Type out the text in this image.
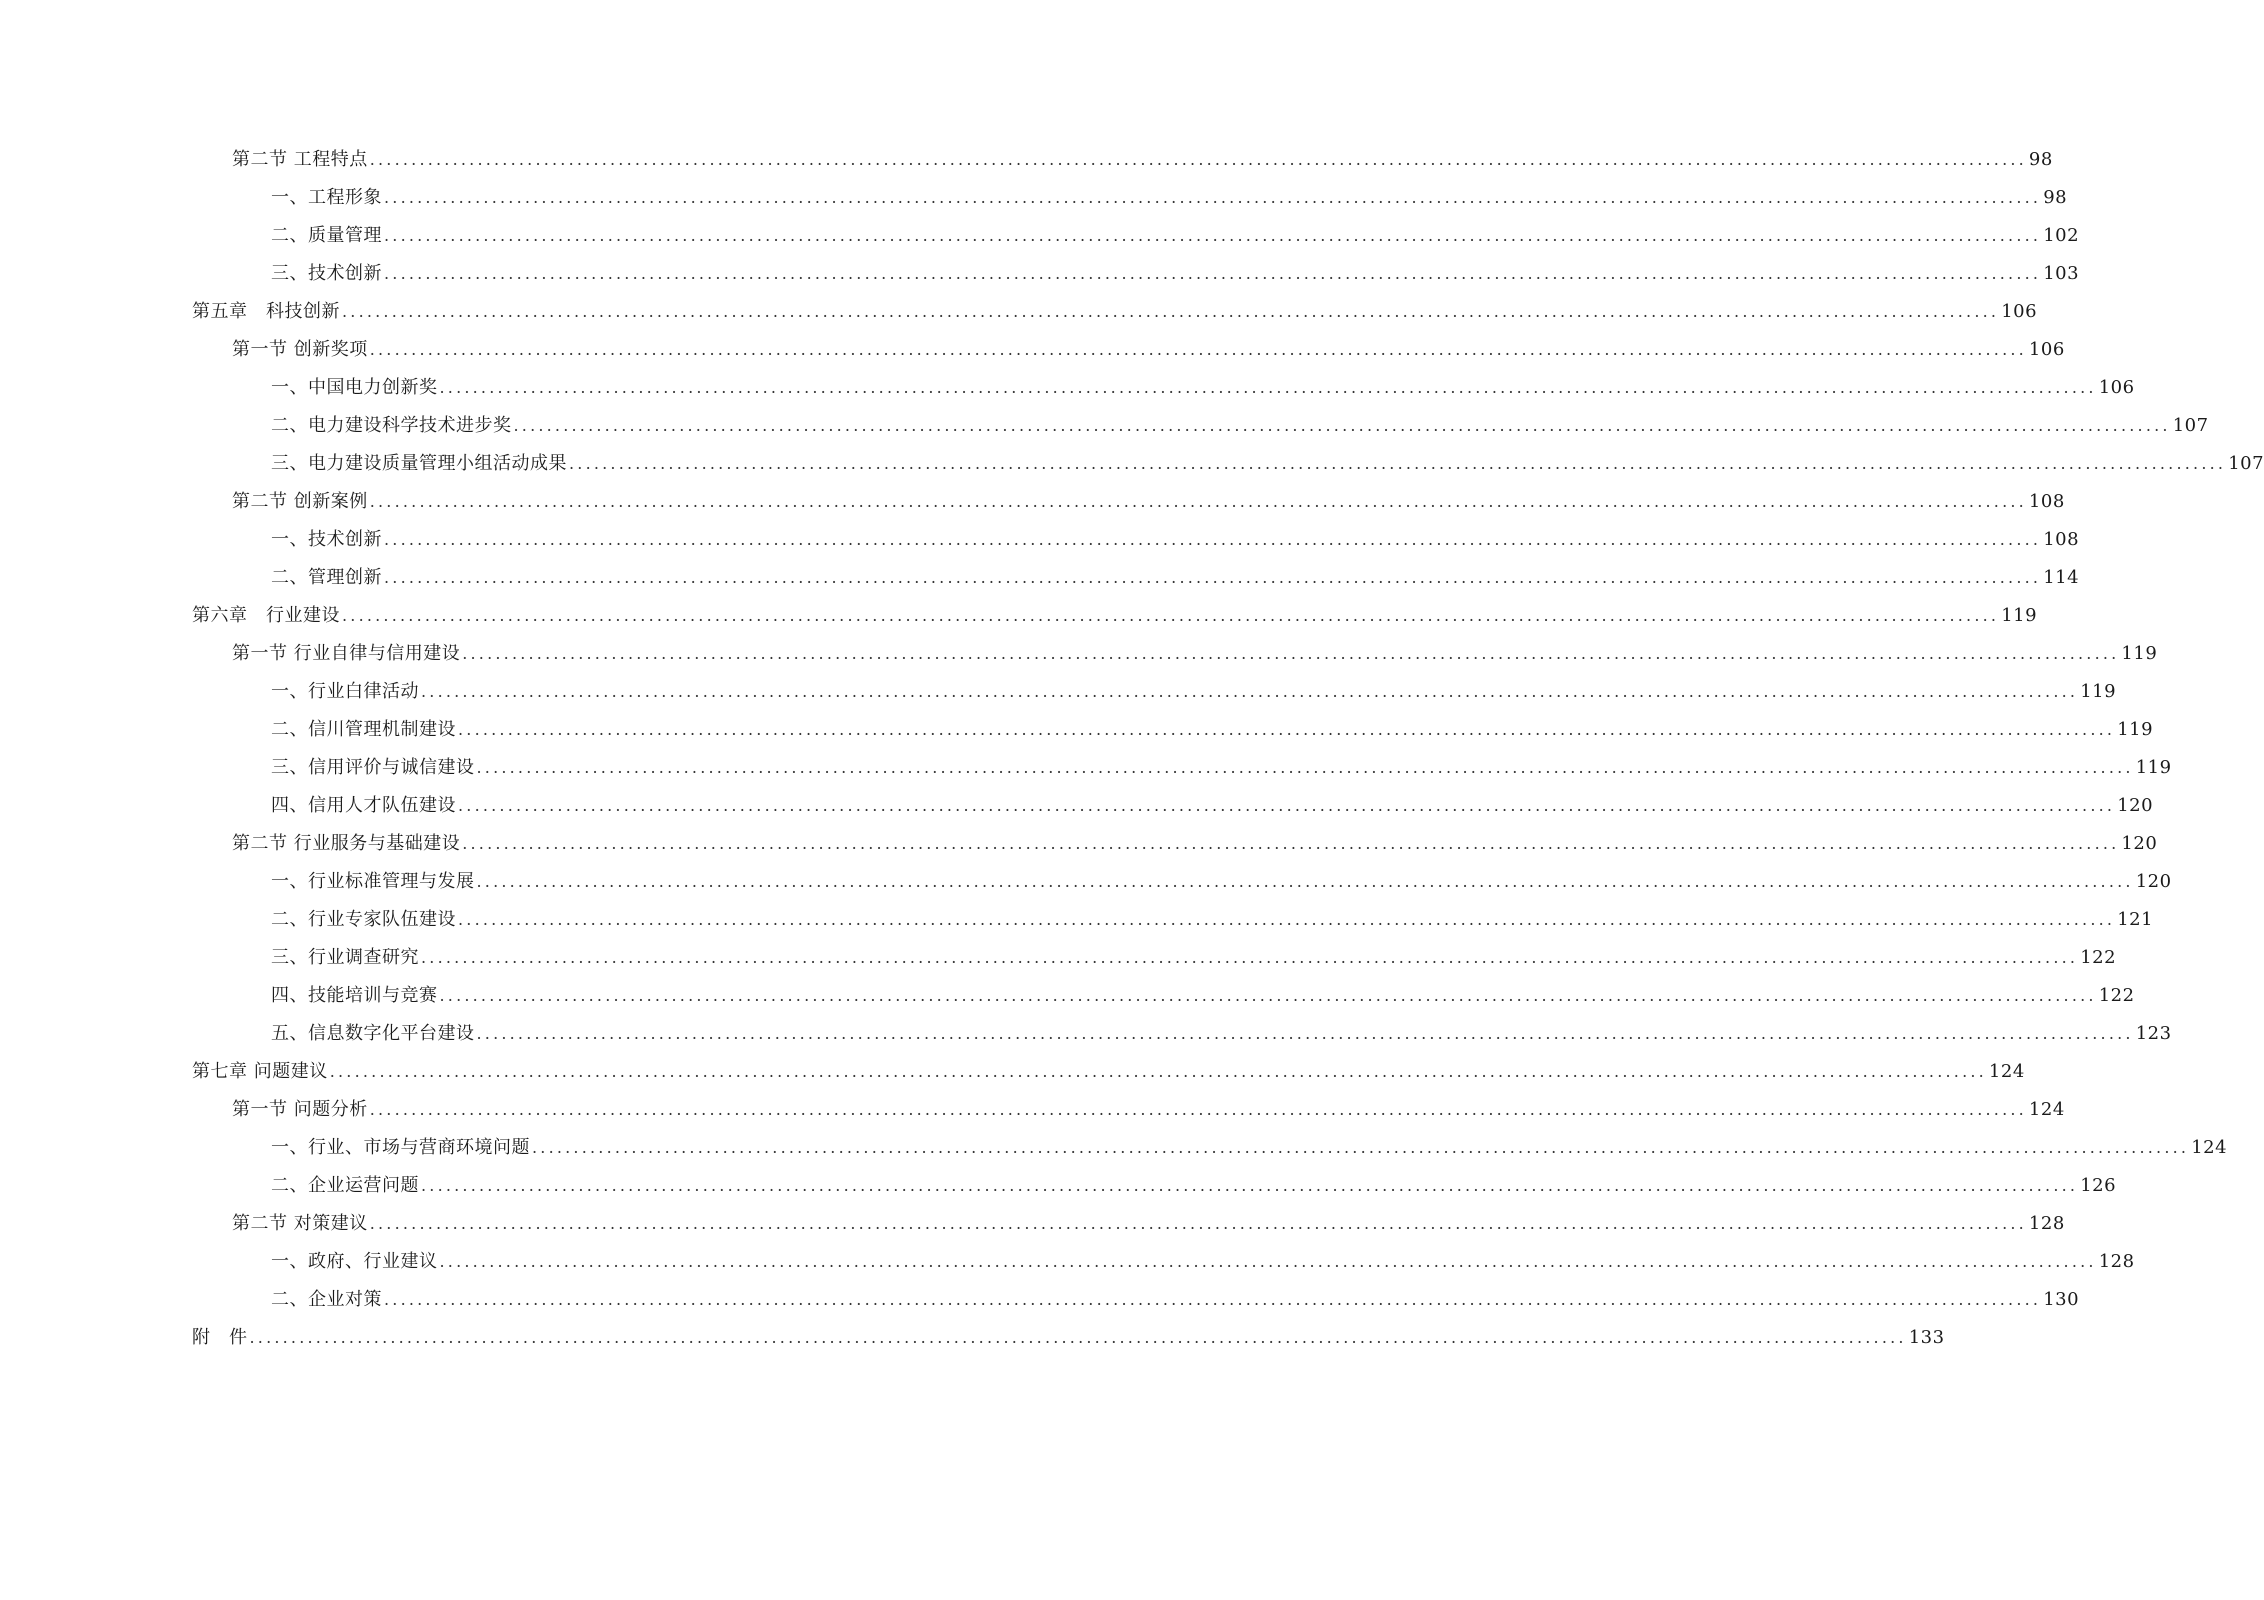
第二节 工程特点 ........................................................................................................................................................................................................ 98
一、工程形象 ........................................................................................................................................................................................................ 98
二、质量管理 ........................................................................................................................................................................................................ 102
三、技术创新 ........................................................................................................................................................................................................ 103
第五章　科技创新 ........................................................................................................................................................................................................ 106
第一节 创新奖项 ........................................................................................................................................................................................................ 106
一、中国电力创新奖 ........................................................................................................................................................................................................ 106
二、电力建设科学技术进步奖 ........................................................................................................................................................................................................ 107
三、电力建设质量管理小组活动成果 ........................................................................................................................................................................................................ 107
第二节 创新案例 ........................................................................................................................................................................................................ 108
一、技术创新 ........................................................................................................................................................................................................ 108
二、管理创新 ........................................................................................................................................................................................................ 114
第六章　行业建设 ........................................................................................................................................................................................................ 119
第一节 行业自律与信用建设 ........................................................................................................................................................................................................ 119
一、行业白律活动 ........................................................................................................................................................................................................ 119
二、信川管理机制建设 ........................................................................................................................................................................................................ 119
三、信用评价与诚信建设 ........................................................................................................................................................................................................ 119
四、信用人才队伍建设 ........................................................................................................................................................................................................ 120
第二节 行业服务与基础建设 ........................................................................................................................................................................................................ 120
一、行业标准管理与发展 ........................................................................................................................................................................................................ 120
二、行业专家队伍建设 ........................................................................................................................................................................................................ 121
三、行业调查研究 ........................................................................................................................................................................................................ 122
四、技能培训与竞赛 ........................................................................................................................................................................................................ 122
五、信息数字化平台建设 ........................................................................................................................................................................................................ 123
第七章 问题建议 ........................................................................................................................................................................................................ 124
第一节 问题分析 ........................................................................................................................................................................................................ 124
一、行业、市场与营商环境问题 ........................................................................................................................................................................................................ 124
二、企业运营问题 ........................................................................................................................................................................................................ 126
第二节 对策建议 ........................................................................................................................................................................................................ 128
一、政府、行业建议 ........................................................................................................................................................................................................ 128
二、企业对策 ........................................................................................................................................................................................................ 130
附　件 ........................................................................................................................................................................................................ 133
